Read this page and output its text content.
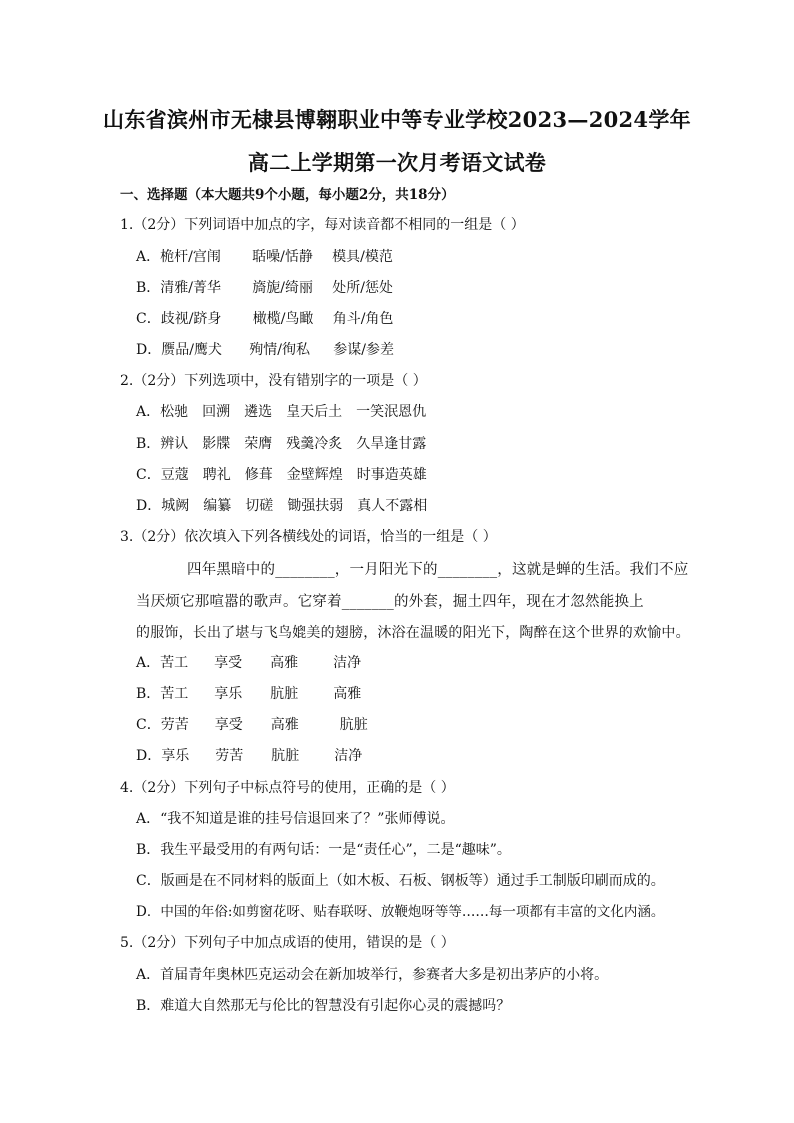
山东省滨州市无棣县博翱职业中等专业学校2023—2024学年
高二上学期第一次月考语文试卷
一、选择题（本大题共9个小题，每小题2分，共18分）
1.（2分）下列词语中加点的字，每对读音都不相同的一组是（ ）
A．桅杆/宫闱 聒噪/恬静 模具/模范
B．清雅/菁华 旖旎/绮丽 处所/惩处
C．歧视/跻身 橄榄/鸟瞰 角斗/角色
D．赝品/鹰犬 殉情/徇私 参谋/参差
2.（2分）下列选项中，没有错别字的一项是（ ）
A．松驰 回溯 遴选 皇天后土 一笑泯恩仇
B．辨认 影牒 荣膺 残羹冷炙 久旱逢甘露
C．豆蔻 聘礼 修葺 金壁辉煌 时事造英雄
D．城阙 编纂 切磋 锄强扶弱 真人不露相
3.（2分）依次填入下列各横线处的词语，恰当的一组是（ ）
四年黑暗中的________，一月阳光下的________，这就是蝉的生活。我们不应
当厌烦它那喧嚣的歌声。它穿着_______的外套，掘土四年，现在才忽然能换上
的服饰，长出了堪与飞鸟媲美的翅膀，沐浴在温暖的阳光下，陶醉在这个世界的欢愉中。
A．苦工 享受 高雅	洁净
B．苦工 享乐 肮脏	高雅
C．劳苦 享受 高雅	肮脏
D．享乐 劳苦 肮脏	洁净
4.（2分）下列句子中标点符号的使用，正确的是（ ）
A．“我不知道是谁的挂号信退回来了？”张师傅说。
B．我生平最受用的有两句话：一是“责任心”，二是“趣味”。
C．版画是在不同材料的版面上（如木板、石板、钢板等）通过手工制版印刷而成的。
D．中国的年俗:如剪窗花呀、贴春联呀、放鞭炮呀等等……每一项都有丰富的文化内涵。
5.（2分）下列句子中加点成语的使用，错误的是（ ）
A．首届青年奥林匹克运动会在新加坡举行，参赛者大多是初出茅庐的小将。
B．难道大自然那无与伦比的智慧没有引起你心灵的震撼吗？
